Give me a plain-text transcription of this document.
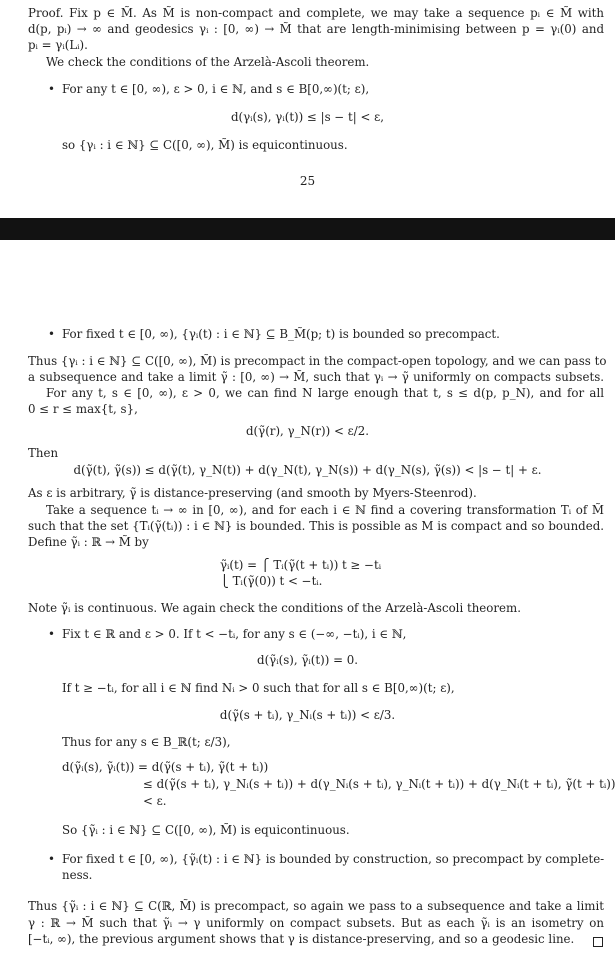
Proof. Fix p ∈ M̃. As M̃ is non-compact and complete, we may take a sequence pᵢ ∈ M̃ with
d(p, pᵢ) → ∞ and geodesics γᵢ : [0, ∞) → M̃ that are length-minimising between p = γᵢ(0) and
pᵢ = γᵢ(Lᵢ).
We check the conditions of the Arzelà-Ascoli theorem.
• For any t ∈ [0, ∞), ε > 0, i ∈ ℕ, and s ∈ B[0,∞)(t; ε),
d(γᵢ(s), γᵢ(t)) ≤ |s − t| < ε,
so {γᵢ : i ∈ ℕ} ⊆ C([0, ∞), M̃) is equicontinuous.
25
• For fixed t ∈ [0, ∞), {γᵢ(t) : i ∈ ℕ} ⊆ B_M̃(p; t) is bounded so precompact.
Thus {γᵢ : i ∈ ℕ} ⊆ C([0, ∞), M̃) is precompact in the compact-open topology, and we can pass to
a subsequence and take a limit γ̃ : [0, ∞) → M̃, such that γᵢ → γ̃ uniformly on compacts subsets.
For any t, s ∈ [0, ∞), ε > 0, we can find N large enough that t, s ≤ d(p, p_N), and for all
0 ≤ r ≤ max{t, s},
d(γ̃(r), γ_N(r)) < ε/2.
Then
d(γ̃(t), γ̃(s)) ≤ d(γ̃(t), γ_N(t)) + d(γ_N(t), γ_N(s)) + d(γ_N(s), γ̃(s)) < |s − t| + ε.
As ε is arbitrary, γ̃ is distance-preserving (and smooth by Myers-Steenrod).
Take a sequence tᵢ → ∞ in [0, ∞), and for each i ∈ ℕ find a covering transformation Tᵢ of M̃
such that the set {Tᵢ(γ̃(tᵢ)) : i ∈ ℕ} is bounded. This is possible as M is compact and so bounded.
Define γ̃ᵢ : ℝ → M̃ by
γ̃ᵢ(t) = ⎧ Tᵢ(γ̃(t + tᵢ)) t ≥ −tᵢ
⎩ Tᵢ(γ̃(0)) t < −tᵢ.
Note γ̃ᵢ is continuous. We again check the conditions of the Arzelà-Ascoli theorem.
• Fix t ∈ ℝ and ε > 0. If t < −tᵢ, for any s ∈ (−∞, −tᵢ), i ∈ ℕ,
d(γ̃ᵢ(s), γ̃ᵢ(t)) = 0.
If t ≥ −tᵢ, for all i ∈ ℕ find Nᵢ > 0 such that for all s ∈ B[0,∞)(t; ε),
d(γ̃(s + tᵢ), γ_Nᵢ(s + tᵢ)) < ε/3.
Thus for any s ∈ B_ℝ(t; ε/3),
d(γ̃ᵢ(s), γ̃ᵢ(t)) = d(γ̃(s + tᵢ), γ̃(t + tᵢ))
≤ d(γ̃(s + tᵢ), γ_Nᵢ(s + tᵢ)) + d(γ_Nᵢ(s + tᵢ), γ_Nᵢ(t + tᵢ)) + d(γ_Nᵢ(t + tᵢ), γ̃(t + tᵢ))
< ε.
So {γ̃ᵢ : i ∈ ℕ} ⊆ C([0, ∞), M̃) is equicontinuous.
• For fixed t ∈ [0, ∞), {γ̃ᵢ(t) : i ∈ ℕ} is bounded by construction, so precompact by complete-
ness.
Thus {γ̃ᵢ : i ∈ ℕ} ⊆ C(ℝ, M̃) is precompact, so again we pass to a subsequence and take a limit
γ : ℝ → M̃ such that γ̃ᵢ → γ uniformly on compact subsets. But as each γ̃ᵢ is an isometry on
[−tᵢ, ∞), the previous argument shows that γ is distance-preserving, and so a geodesic line.
